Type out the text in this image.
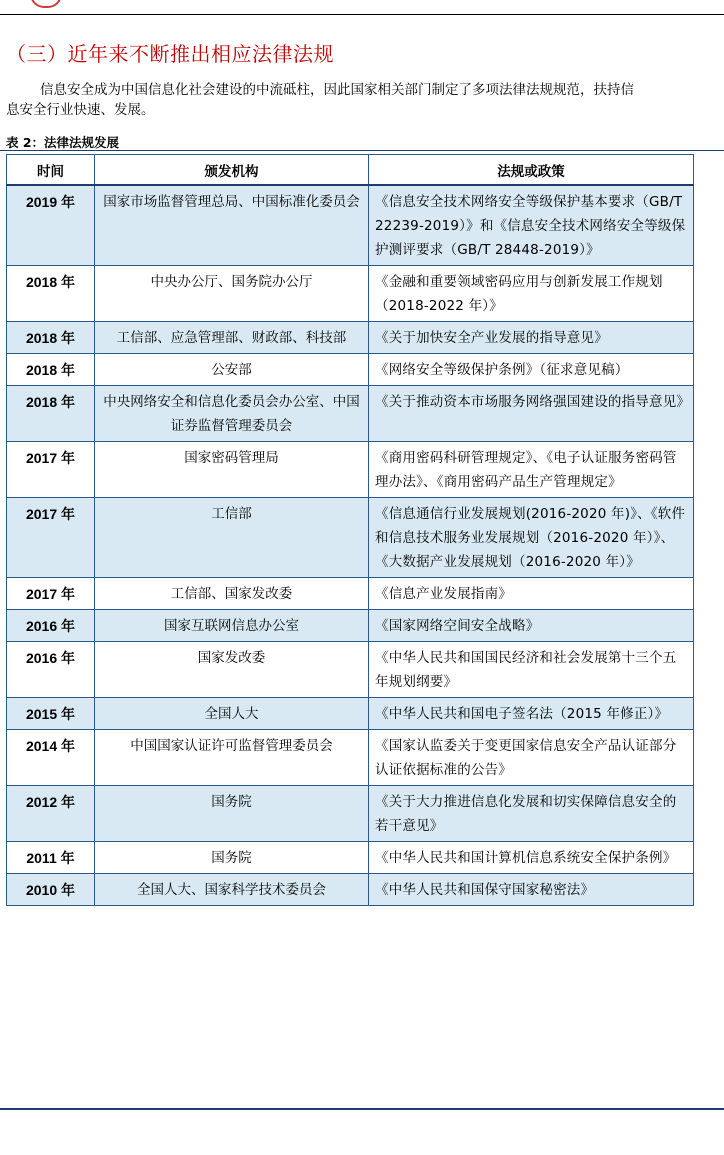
（三）近年来不断推出相应法律法规
信息安全成为中国信息化社会建设的中流砥柱，因此国家相关部门制定了多项法律法规规范，扶持信息安全行业快速、发展。
表 2：法律法规发展
时间	颁发机构	法规或政策
2019 年	国家市场监督管理总局、中国标准化委员会	《信息安全技术网络安全等级保护基本要求（GB/T 22239-2019）》和《信息安全技术网络安全等级保护测评要求（GB/T 28448-2019）》
2018 年	中央办公厅、国务院办公厅	《金融和重要领域密码应用与创新发展工作规划（2018-2022 年）》
2018 年	工信部、应急管理部、财政部、科技部	《关于加快安全产业发展的指导意见》
2018 年	公安部	《网络安全等级保护条例》（征求意见稿）
2018 年	中央网络安全和信息化委员会办公室、中国证券监督管理委员会	《关于推动资本市场服务网络强国建设的指导意见》
2017 年	国家密码管理局	《商用密码科研管理规定》、《电子认证服务密码管理办法》、《商用密码产品生产管理规定》
2017 年	工信部	《信息通信行业发展规划(2016-2020 年)》、《软件和信息技术服务业发展规划（2016-2020 年）》、《大数据产业发展规划（2016-2020 年）》
2017 年	工信部、国家发改委	《信息产业发展指南》
2016 年	国家互联网信息办公室	《国家网络空间安全战略》
2016 年	国家发改委	《中华人民共和国国民经济和社会发展第十三个五年规划纲要》
2015 年	全国人大	《中华人民共和国电子签名法（2015 年修正）》
2014 年	中国国家认证许可监督管理委员会	《国家认监委关于变更国家信息安全产品认证部分认证依据标准的公告》
2012 年	国务院	《关于大力推进信息化发展和切实保障信息安全的若干意见》
2011 年	国务院	《中华人民共和国计算机信息系统安全保护条例》
2010 年	全国人大、国家科学技术委员会	《中华人民共和国保守国家秘密法》
